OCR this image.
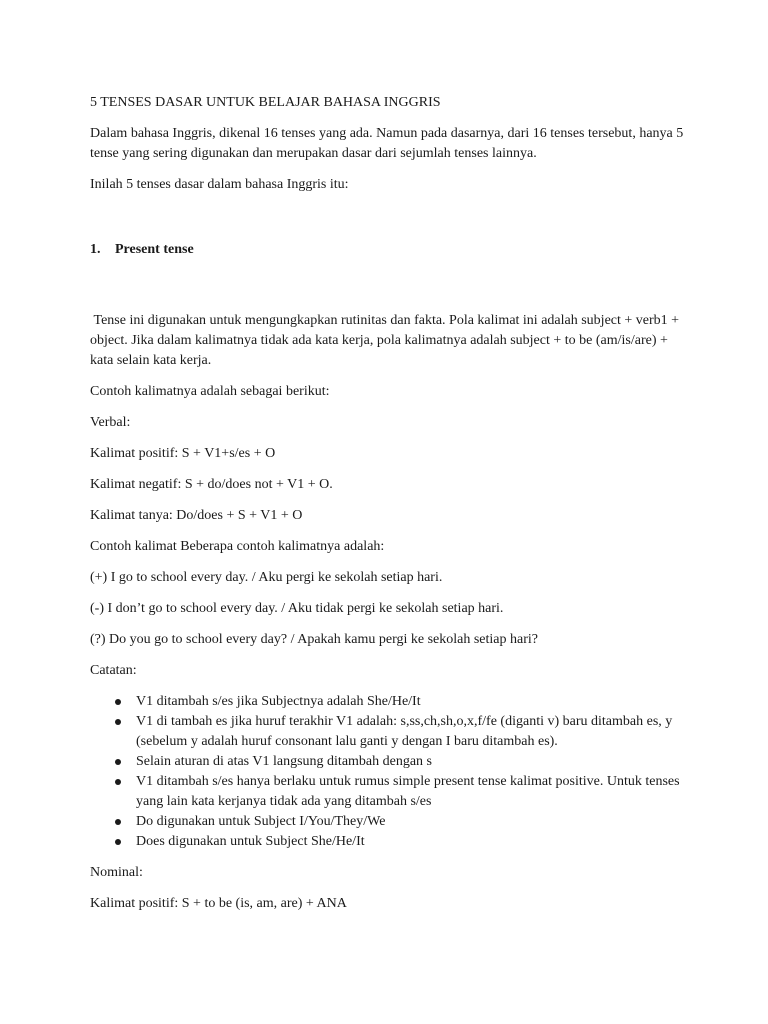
5 TENSES DASAR UNTUK BELAJAR BAHASA INGGRIS

Dalam bahasa Inggris, dikenal 16 tenses yang ada. Namun pada dasarnya, dari 16 tenses tersebut, hanya 5 tense yang sering digunakan dan merupakan dasar dari sejumlah tenses lainnya.

Inilah 5 tenses dasar dalam bahasa Inggris itu:

1.	Present tense

Tense ini digunakan untuk mengungkapkan rutinitas dan fakta. Pola kalimat ini adalah subject + verb1 + object. Jika dalam kalimatnya tidak ada kata kerja, pola kalimatnya adalah subject + to be (am/is/are) + kata selain kata kerja.

Contoh kalimatnya adalah sebagai berikut:

Verbal:

Kalimat positif: S + V1+s/es + O

Kalimat negatif: S + do/does not + V1 + O.

Kalimat tanya: Do/does + S + V1 + O

Contoh kalimat Beberapa contoh kalimatnya adalah:

(+) I go to school every day. / Aku pergi ke sekolah setiap hari.

(-) I don’t go to school every day. / Aku tidak pergi ke sekolah setiap hari.

(?) Do you go to school every day? / Apakah kamu pergi ke sekolah setiap hari?

Catatan:

V1 ditambah s/es jika Subjectnya adalah She/He/It
V1 di tambah es jika huruf terakhir V1 adalah: s,ss,ch,sh,o,x,f/fe (diganti v) baru ditambah es, y (sebelum y adalah huruf consonant lalu ganti y dengan I baru ditambah es).
Selain aturan di atas V1 langsung ditambah dengan s
V1 ditambah s/es hanya berlaku untuk rumus simple present tense kalimat positive. Untuk tenses yang lain kata kerjanya tidak ada yang ditambah s/es
Do digunakan untuk Subject I/You/They/We
Does digunakan untuk Subject She/He/It

Nominal:

Kalimat positif: S + to be (is, am, are) + ANA
